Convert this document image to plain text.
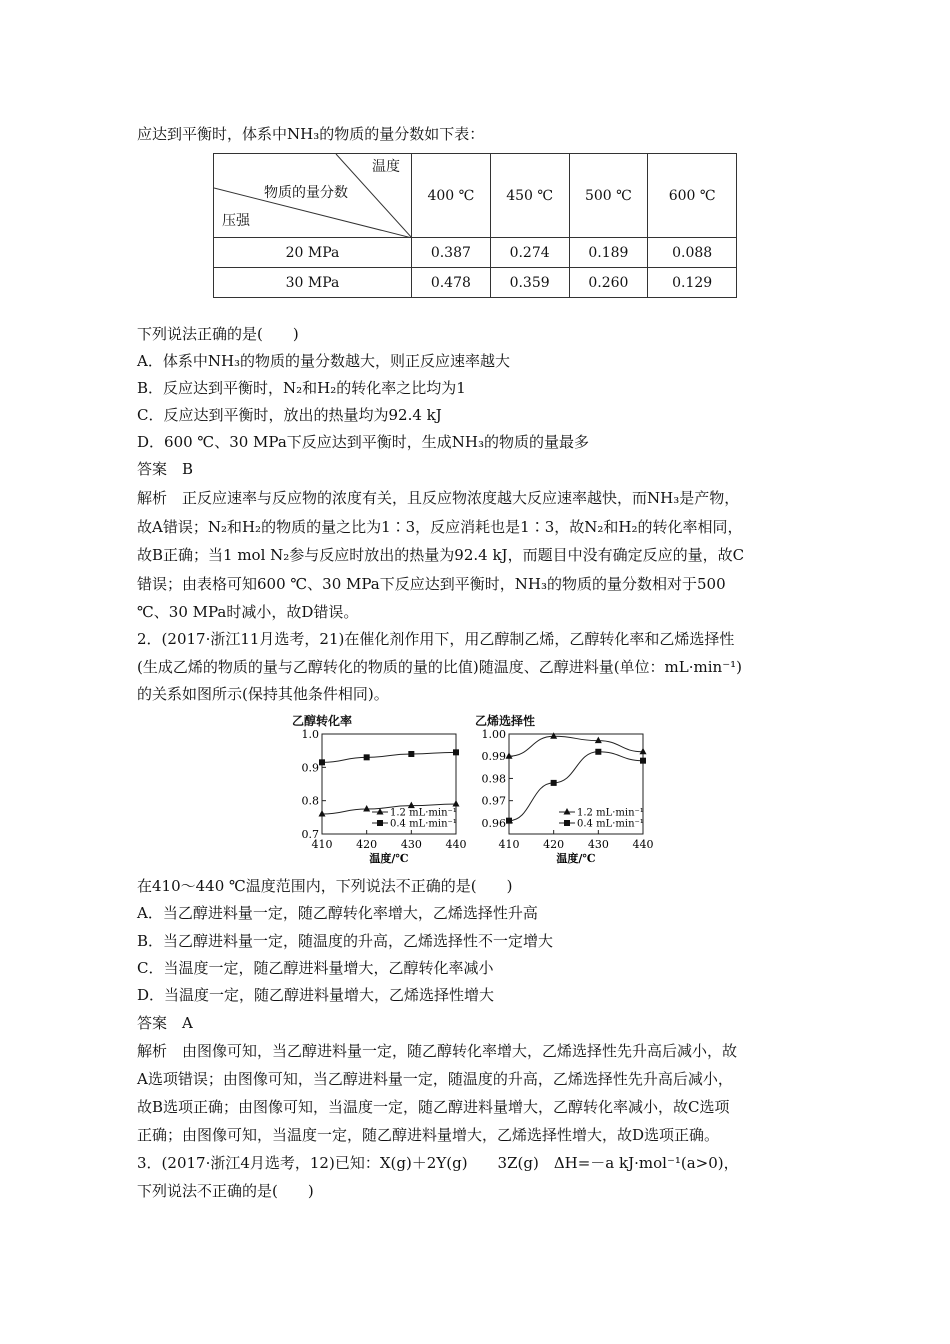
应达到平衡时，体系中NH₃的物质的量分数如下表：
温度
物质的量分数
压强	400 ℃	450 ℃	500 ℃	600 ℃
20 MPa	0.387	0.274	0.189	0.088
30 MPa	0.478	0.359	0.260	0.129
下列说法正确的是(　　)
A．体系中NH₃的物质的量分数越大，则正反应速率越大
B．反应达到平衡时，N₂和H₂的转化率之比均为1
C．反应达到平衡时，放出的热量均为92.4 kJ
D．600 ℃、30 MPa下反应达到平衡时，生成NH₃的物质的量最多
答案　B
解析　正反应速率与反应物的浓度有关，且反应物浓度越大反应速率越快，而NH₃是产物，
故A错误；N₂和H₂的物质的量之比为1∶3，反应消耗也是1∶3，故N₂和H₂的转化率相同，
故B正确；当1 mol N₂参与反应时放出的热量为92.4 kJ，而题目中没有确定反应的量，故C
错误；由表格可知600 ℃、30 MPa下反应达到平衡时，NH₃的物质的量分数相对于500
℃、30 MPa时减小，故D错误。
2．(2017·浙江11月选考，21)在催化剂作用下，用乙醇制乙烯，乙醇转化率和乙烯选择性
(生成乙烯的物质的量与乙醇转化的物质的量的比值)随温度、乙醇进料量(单位：mL·min⁻¹)
的关系如图所示(保持其他条件相同)。
乙醇转化率
0.7
0.8
0.9
1.0
410 420 430 440
温度/℃
1.2 mL·min⁻¹
0.4 mL·min⁻¹
乙烯选择性
0.96
0.97
0.98
0.99
1.00
410 420 430 440
温度/℃
1.2 mL·min⁻¹
0.4 mL·min⁻¹
在410～440 ℃温度范围内，下列说法不正确的是(　　)
A．当乙醇进料量一定，随乙醇转化率增大，乙烯选择性升高
B．当乙醇进料量一定，随温度的升高，乙烯选择性不一定增大
C．当温度一定，随乙醇进料量增大，乙醇转化率减小
D．当温度一定，随乙醇进料量增大，乙烯选择性增大
答案　A
解析　由图像可知，当乙醇进料量一定，随乙醇转化率增大，乙烯选择性先升高后减小，故
A选项错误；由图像可知，当乙醇进料量一定，随温度的升高，乙烯选择性先升高后减小，
故B选项正确；由图像可知，当温度一定，随乙醇进料量增大，乙醇转化率减小，故C选项
正确；由图像可知，当温度一定，随乙醇进料量增大，乙烯选择性增大，故D选项正确。
3．(2017·浙江4月选考，12)已知：X(g)＋2Y(g)　　3Z(g)　ΔH=－a kJ·mol⁻¹(a>0)，
下列说法不正确的是(　　)
